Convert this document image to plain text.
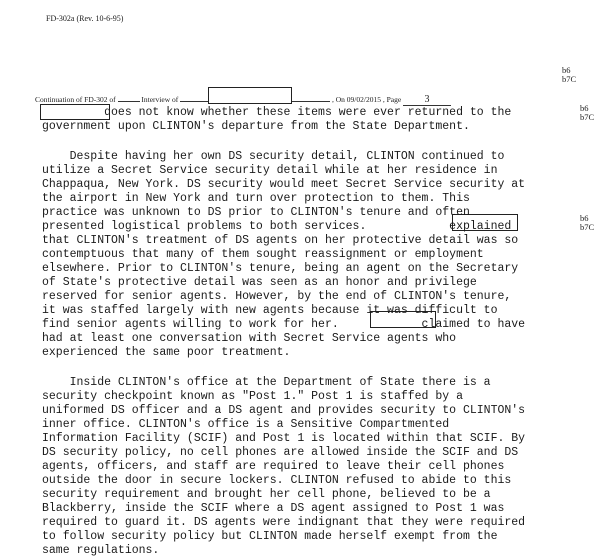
FD-302a (Rev. 10-6-95)
b6
b7C
b6
b7C
b6
b7C
Continuation of FD-302 of	Interview of	, On 09/02/2015 , Page 3
does not know whether these items were ever returned to the
government upon CLINTON's departure from the State Department.
Despite having her own DS security detail, CLINTON continued to
utilize a Secret Service security detail while at her residence in
Chappaqua, New York. DS security would meet Secret Service security at
the airport in New York and turn over protection to them. This
practice was unknown to DS prior to CLINTON's tenure and often
presented logistical problems to both services.            explained
that CLINTON's treatment of DS agents on her protective detail was so
contemptuous that many of them sought reassignment or employment
elsewhere. Prior to CLINTON's tenure, being an agent on the Secretary
of State's protective detail was seen as an honor and privilege
reserved for senior agents. However, by the end of CLINTON's tenure,
it was staffed largely with new agents because it was difficult to
find senior agents willing to work for her.            claimed to have
had at least one conversation with Secret Service agents who
experienced the same poor treatment.
Inside CLINTON's office at the Department of State there is a
security checkpoint known as "Post 1." Post 1 is staffed by a
uniformed DS officer and a DS agent and provides security to CLINTON's
inner office. CLINTON's office is a Sensitive Compartmented
Information Facility (SCIF) and Post 1 is located within that SCIF. By
DS security policy, no cell phones are allowed inside the SCIF and DS
agents, officers, and staff are required to leave their cell phones
outside the door in secure lockers. CLINTON refused to abide to this
security requirement and brought her cell phone, believed to be a
Blackberry, inside the SCIF where a DS agent assigned to Post 1 was
required to guard it. DS agents were indignant that they were required
to follow security policy but CLINTON made herself exempt from the
same regulations.
